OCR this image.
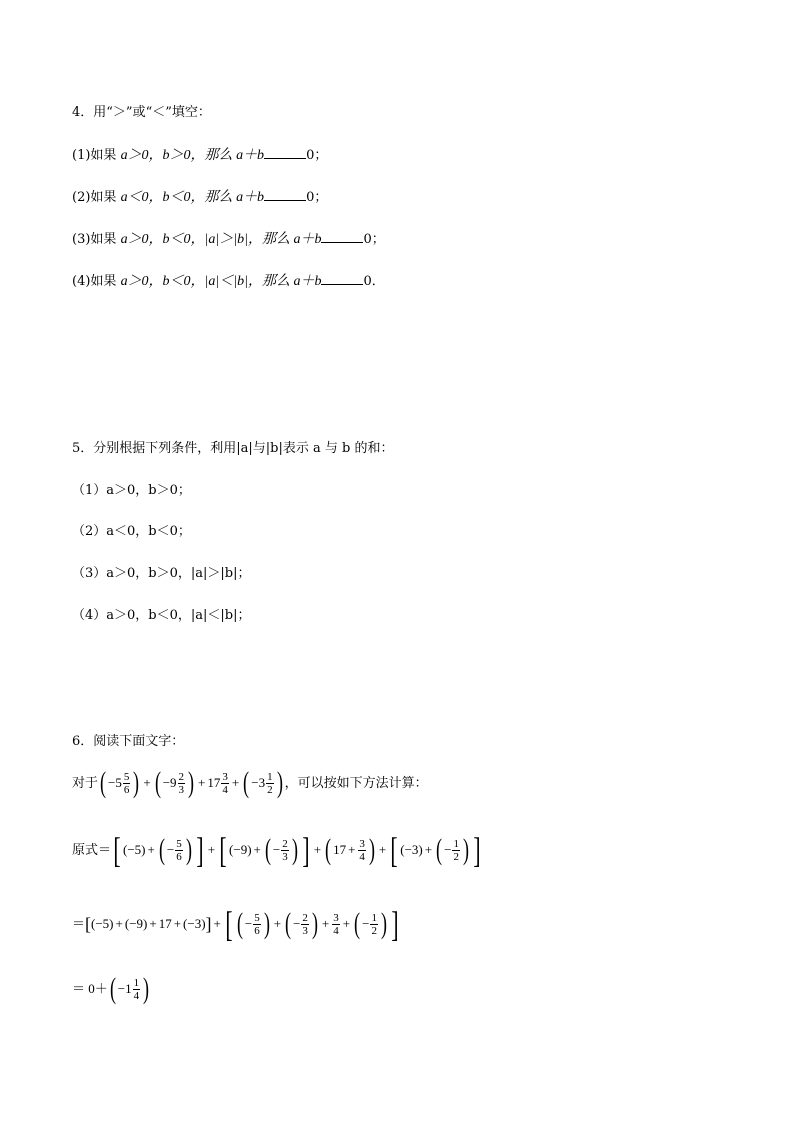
4．用“＞”或“＜”填空：
(1)如果 a＞0，b＞0，那么 a＋b	0；
(2)如果 a＜0，b＜0，那么 a＋b	0；
(3)如果 a＞0，b＜0，|a|＞|b|，那么 a＋b	0；
(4)如果 a＞0，b＜0，|a|＜|b|，那么 a＋b	0．
5．分别根据下列条件，利用|a|与|b|表示 a 与 b 的和：
（1）a＞0，b＞0；
（2）a＜0，b＜0；
（3）a＞0，b＞0，|a|＞|b|；
（4）a＞0，b＜0，|a|＜|b|；
6．阅读下面文字：
对于 ( $-5 \frac{5}{6}$ ) + ( $-9 \frac{2}{3}$ ) + $17 \frac{3}{4}$ + ( $-3 \frac{1}{2}$ ) ，可以按如下方法计算：
原式＝ [ (−5) + ( − $\frac{5}{6}$ ) ] + [ (−9) + ( − $\frac{2}{3}$ ) ] + ( $17 + \frac{3}{4}$ ) + [ (−3) + ( − $\frac{1}{2}$ ) ]
＝ [ (−5) + (−9) + 17 + (−3) ] + [ ( − $\frac{5}{6}$ ) + ( − $\frac{2}{3}$ ) + $\frac{3}{4}$ + ( − $\frac{1}{2}$ ) ]
＝ 0＋ ( $-1 \frac{1}{4}$ )
